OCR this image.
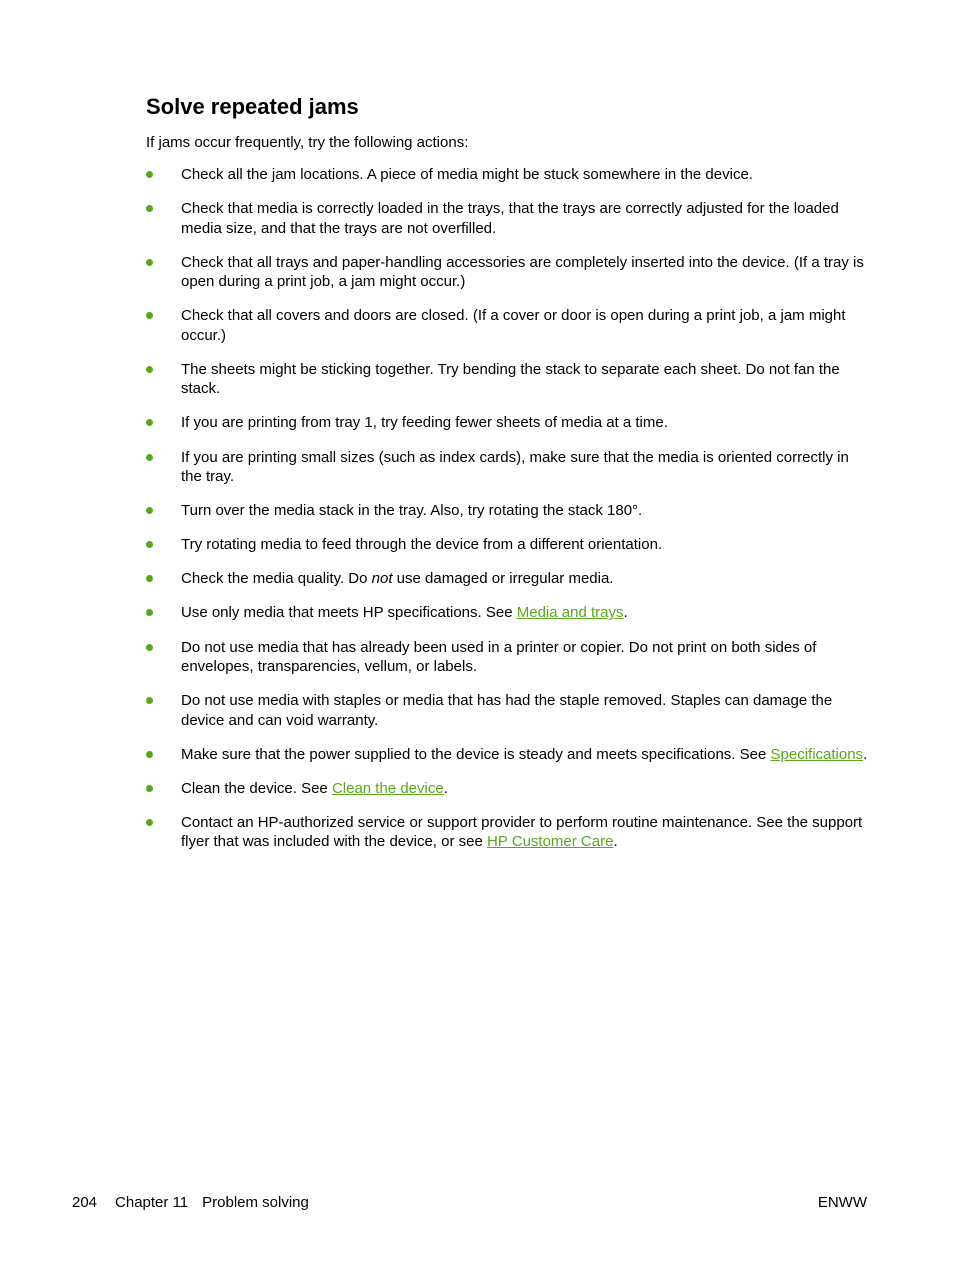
Solve repeated jams

If jams occur frequently, try the following actions:

Check all the jam locations. A piece of media might be stuck somewhere in the device.
Check that media is correctly loaded in the trays, that the trays are correctly adjusted for the loaded media size, and that the trays are not overfilled.
Check that all trays and paper-handling accessories are completely inserted into the device. (If a tray is open during a print job, a jam might occur.)
Check that all covers and doors are closed. (If a cover or door is open during a print job, a jam might occur.)
The sheets might be sticking together. Try bending the stack to separate each sheet. Do not fan the stack.
If you are printing from tray 1, try feeding fewer sheets of media at a time.
If you are printing small sizes (such as index cards), make sure that the media is oriented correctly in the tray.
Turn over the media stack in the tray. Also, try rotating the stack 180°.
Try rotating media to feed through the device from a different orientation.
Check the media quality. Do not use damaged or irregular media.
Use only media that meets HP specifications. See Media and trays.
Do not use media that has already been used in a printer or copier. Do not print on both sides of envelopes, transparencies, vellum, or labels.
Do not use media with staples or media that has had the staple removed. Staples can damage the device and can void warranty.
Make sure that the power supplied to the device is steady and meets specifications. See Specifications.
Clean the device. See Clean the device.
Contact an HP-authorized service or support provider to perform routine maintenance. See the support flyer that was included with the device, or see HP Customer Care.
204 Chapter 11 Problem solving	ENWW
